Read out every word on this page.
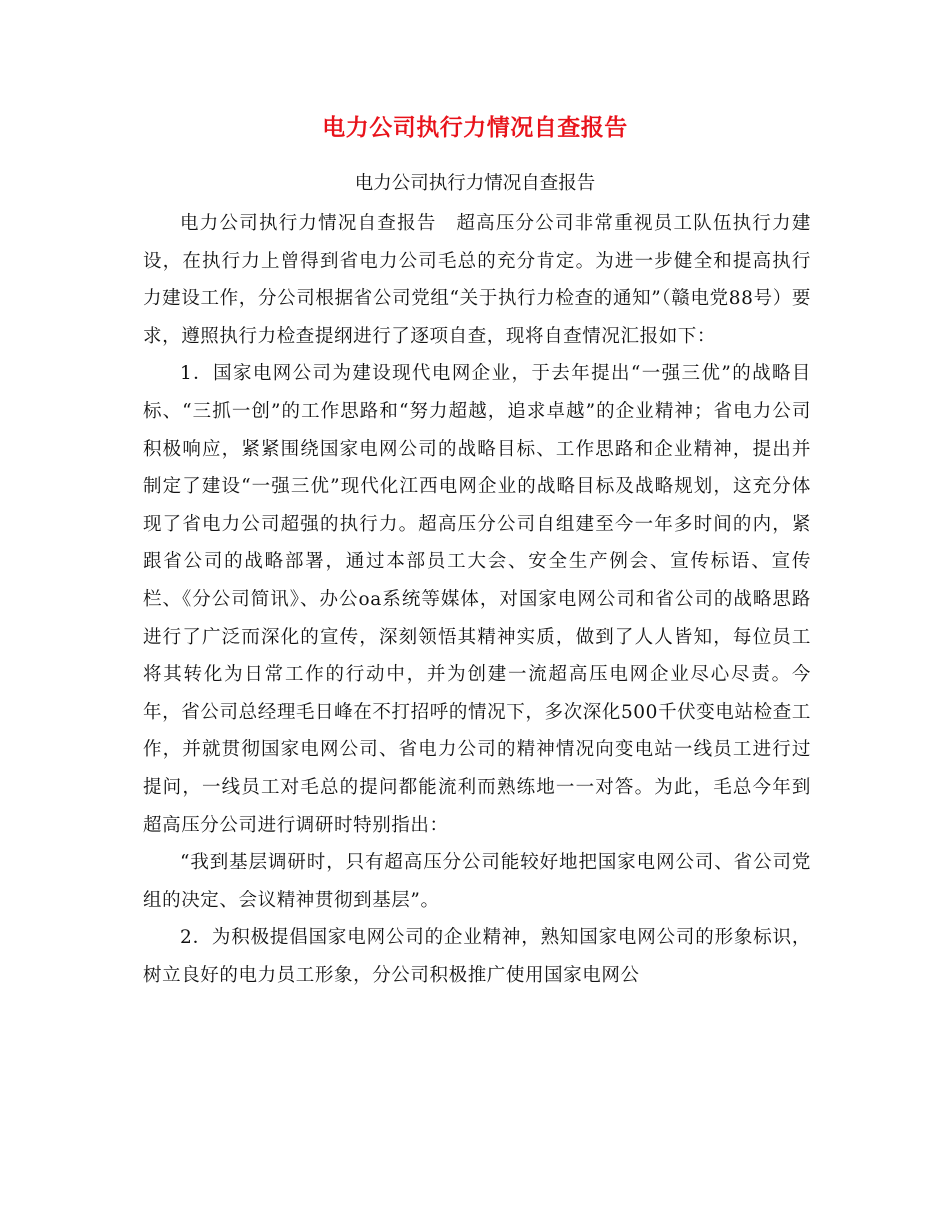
电力公司执行力情况自查报告
电力公司执行力情况自查报告

电力公司执行力情况自查报告　超高压分公司非常重视员工队伍执行力建设，在执行力上曾得到省电力公司毛总的充分肯定。为进一步健全和提高执行力建设工作，分公司根据省公司党组“关于执行力检查的通知”（赣电党88号）要求，遵照执行力检查提纲进行了逐项自查，现将自查情况汇报如下：

1．国家电网公司为建设现代电网企业，于去年提出“一强三优”的战略目标、“三抓一创”的工作思路和“努力超越，追求卓越”的企业精神；省电力公司积极响应，紧紧围绕国家电网公司的战略目标、工作思路和企业精神，提出并制定了建设“一强三优”现代化江西电网企业的战略目标及战略规划，这充分体现了省电力公司超强的执行力。超高压分公司自组建至今一年多时间的内，紧跟省公司的战略部署，通过本部员工大会、安全生产例会、宣传标语、宣传栏、《分公司简讯》、办公oa系统等媒体，对国家电网公司和省公司的战略思路进行了广泛而深化的宣传，深刻领悟其精神实质，做到了人人皆知，每位员工将其转化为日常工作的行动中，并为创建一流超高压电网企业尽心尽责。今年，省公司总经理毛日峰在不打招呼的情况下，多次深化500千伏变电站检查工作，并就贯彻国家电网公司、省电力公司的精神情况向变电站一线员工进行过提问，一线员工对毛总的提问都能流利而熟练地一一对答。为此，毛总今年到超高压分公司进行调研时特别指出：

“我到基层调研时，只有超高压分公司能较好地把国家电网公司、省公司党组的决定、会议精神贯彻到基层”。

2．为积极提倡国家电网公司的企业精神，熟知国家电网公司的形象标识，树立良好的电力员工形象，分公司积极推广使用国家电网公
